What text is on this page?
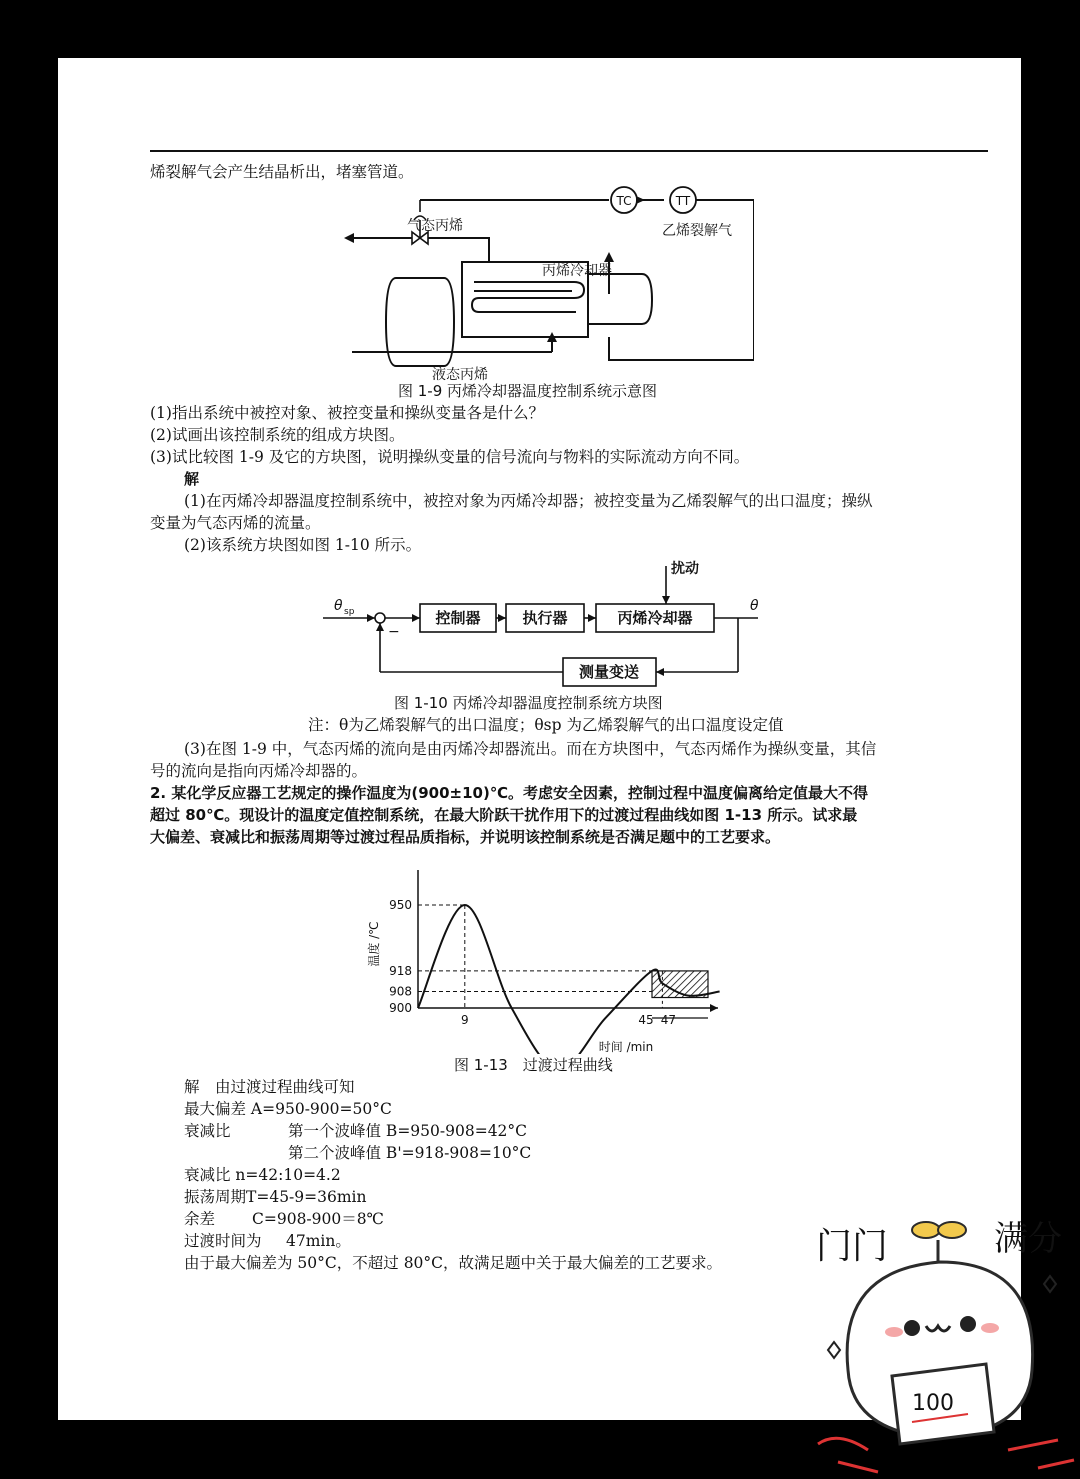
烯裂解气会产生结晶析出，堵塞管道。
TC	TT
气态丙烯	乙烯裂解气
丙烯冷却器
液态丙烯
图 1-9 丙烯冷却器温度控制系统示意图
(1)指出系统中被控对象、被控变量和操纵变量各是什么？
(2)试画出该控制系统的组成方块图。
(3)试比较图 1-9 及它的方块图，说明操纵变量的信号流向与物料的实际流动方向不同。
解
(1)在丙烯冷却器温度控制系统中，被控对象为丙烯冷却器；被控变量为乙烯裂解气的出口温度；操纵
变量为气态丙烯的流量。
(2)该系统方块图如图 1-10 所示。
扰动
θ sp
−
控制器	执行器	丙烯冷却器
θ
测量变送
图 1-10 丙烯冷却器温度控制系统方块图
注：θ为乙烯裂解气的出口温度；θsp 为乙烯裂解气的出口温度设定值
(3)在图 1-9 中，气态丙烯的流向是由丙烯冷却器流出。而在方块图中，气态丙烯作为操纵变量，其信
号的流向是指向丙烯冷却器的。
2. 某化学反应器工艺规定的操作温度为(900±10)℃。考虑安全因素，控制过程中温度偏离给定值最大不得
超过 80℃。现设计的温度定值控制系统，在最大阶跃干扰作用下的过渡过程曲线如图 1-13 所示。试求最
大偏差、衰减比和振荡周期等过渡过程品质指标，并说明该控制系统是否满足题中的工艺要求。
950
918
908
900
9	45 47
时间 /min
温度 /℃
图 1-13　过渡过程曲线
解　由过渡过程曲线可知
最大偏差 A=950-900=50°C
衰减比	第一个波峰值 B=950-908=42°C
第二个波峰值 B'=918-908=10°C
衰减比 n=42:10=4.2
振荡周期T=45-9=36min
余差 C=908-900＝8℃
过渡时间为 47min。
由于最大偏差为 50°C，不超过 80°C，故满足题中关于最大偏差的工艺要求。	门门	满分
100
